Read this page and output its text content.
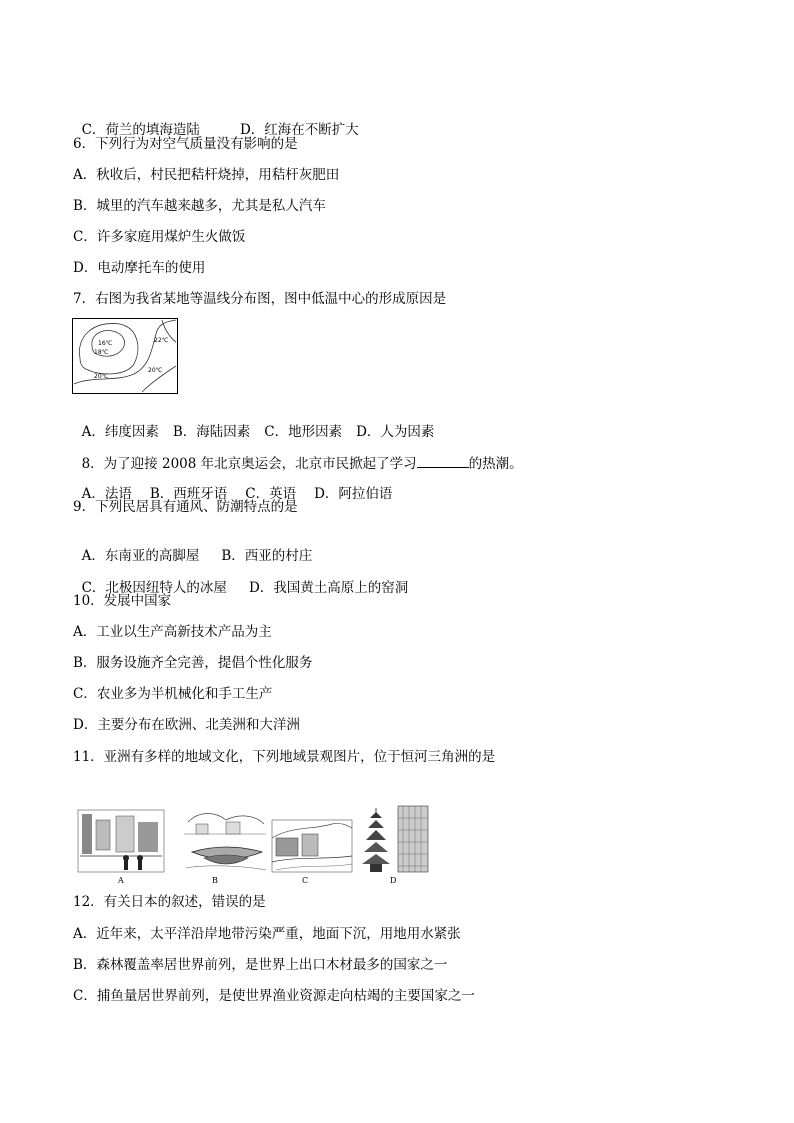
C．荷兰的填海造陆	D．红海在不断扩大

6．下列行为对空气质量没有影响的是
A．秋收后，村民把秸杆烧掉，用秸杆灰肥田
B．城里的汽车越来越多，尤其是私人汽车
C．许多家庭用煤炉生火做饭
D．电动摩托车的使用
7．右图为我省某地等温线分布图，图中低温中心的形成原因是
16℃
18℃
20℃
20℃
22℃

A．纬度因素 B．海陆因素 C．地形因素 D．人为因素

8．为了迎接 2008 年北京奥运会，北京市民掀起了学习	的热潮。

A．法语 B．西班牙语 C．英语 D．阿拉伯语

9．下列民居具有通风、防潮特点的是

A．东南亚的高脚屋 B．西亚的村庄

C．北极因纽特人的冰屋 D．我国黄土高原上的窑洞

10．发展中国家
A．工业以生产高新技术产品为主
B．服务设施齐全完善，提倡个性化服务
C．农业多为半机械化和手工生产
D．主要分布在欧洲、北美洲和大洋洲
11．亚洲有多样的地域文化，下列地域景观图片，位于恒河三角洲的是
A	B	C	D
12．有关日本的叙述，错误的是
A．近年来，太平洋沿岸地带污染严重，地面下沉，用地用水紧张
B．森林覆盖率居世界前列，是世界上出口木材最多的国家之一
C．捕鱼量居世界前列，是使世界渔业资源走向枯竭的主要国家之一
